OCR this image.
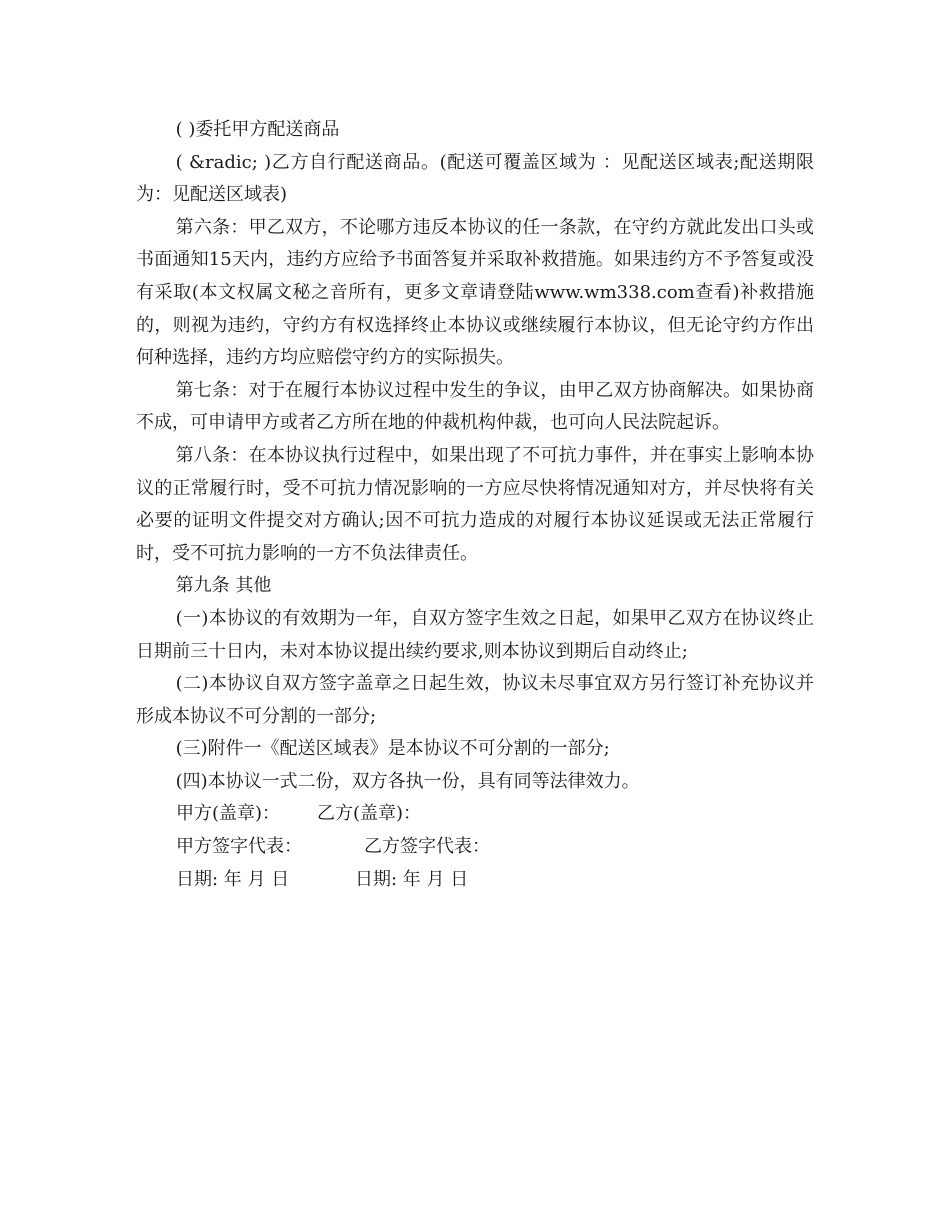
( )委托甲方配送商品

( &radic; )乙方自行配送商品。(配送可覆盖区域为 ：见配送区域表;配送期限为：见配送区域表)

第六条：甲乙双方，不论哪方违反本协议的任一条款，在守约方就此发出口头或书面通知15天内，违约方应给予书面答复并采取补救措施。如果违约方不予答复或没有采取(本文权属文秘之音所有，更多文章请登陆www.wm338.com查看)补救措施的，则视为违约，守约方有权选择终止本协议或继续履行本协议，但无论守约方作出何种选择，违约方均应赔偿守约方的实际损失。

第七条：对于在履行本协议过程中发生的争议，由甲乙双方协商解决。如果协商不成，可申请甲方或者乙方所在地的仲裁机构仲裁，也可向人民法院起诉。

第八条：在本协议执行过程中，如果出现了不可抗力事件，并在事实上影响本协议的正常履行时，受不可抗力情况影响的一方应尽快将情况通知对方，并尽快将有关必要的证明文件提交对方确认;因不可抗力造成的对履行本协议延误或无法正常履行时，受不可抗力影响的一方不负法律责任。

第九条 其他

(一)本协议的有效期为一年，自双方签字生效之日起，如果甲乙双方在协议终止日期前三十日内，未对本协议提出续约要求,则本协议到期后自动终止;

(二)本协议自双方签字盖章之日起生效，协议未尽事宜双方另行签订补充协议并形成本协议不可分割的一部分;

(三)附件一《配送区域表》是本协议不可分割的一部分;

(四)本协议一式二份，双方各执一份，具有同等法律效力。

甲方(盖章)：	乙方(盖章)：
甲方签字代表：	乙方签字代表：
日期: 年 月 日	日期: 年 月 日
